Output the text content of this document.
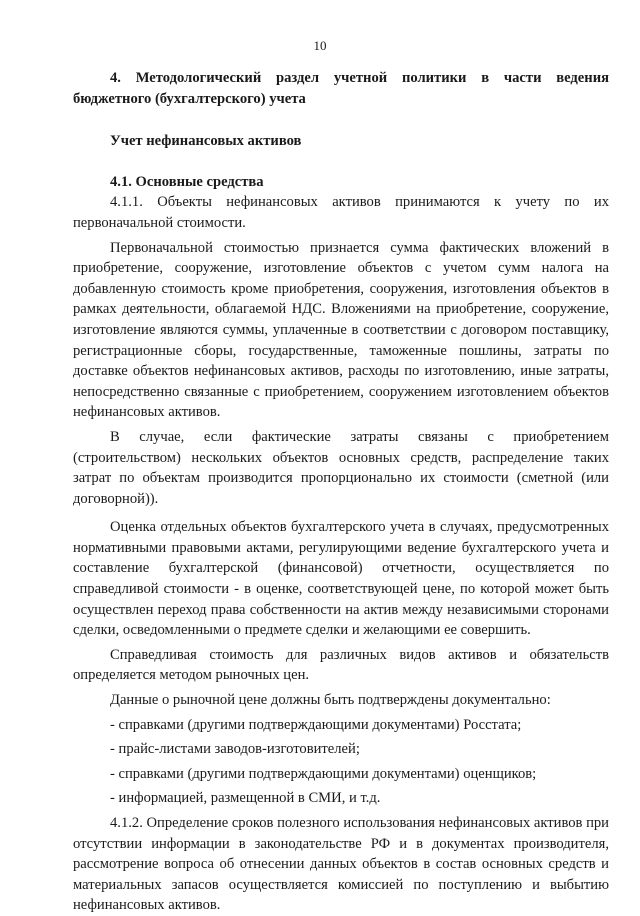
10

4. Методологический раздел учетной политики в части ведения бюджетного (бухгалтерского) учета

Учет нефинансовых активов

4.1. Основные средства

4.1.1. Объекты нефинансовых активов принимаются к учету по их первоначальной стоимости.

Первоначальной стоимостью признается сумма фактических вложений в приобретение, сооружение, изготовление объектов с учетом сумм налога на добавленную стоимость кроме приобретения, сооружения, изготовления объектов в рамках деятельности, облагаемой НДС. Вложениями на приобретение, сооружение, изготовление являются суммы, уплаченные в соответствии с договором поставщику, регистрационные сборы, государственные, таможенные пошлины, затраты по доставке объектов нефинансовых активов, расходы по изготовлению, иные затраты, непосредственно связанные с приобретением, сооружением изготовлением объектов нефинансовых активов.

В случае, если фактические затраты связаны с приобретением (строительством) нескольких объектов основных средств, распределение таких затрат по объектам производится пропорционально их стоимости (сметной (или договорной)).

Оценка отдельных объектов бухгалтерского учета в случаях, предусмотренных нормативными правовыми актами, регулирующими ведение бухгалтерского учета и составление бухгалтерской (финансовой) отчетности, осуществляется по справедливой стоимости - в оценке, соответствующей цене, по которой может быть осуществлен переход права собственности на актив между независимыми сторонами сделки, осведомленными о предмете сделки и желающими ее совершить.

Справедливая стоимость для различных видов активов и обязательств определяется методом рыночных цен.

Данные о рыночной цене должны быть подтверждены документально:

- справками (другими подтверждающими документами) Росстата;

- прайс-листами заводов-изготовителей;

- справками (другими подтверждающими документами) оценщиков;

- информацией, размещенной в СМИ, и т.д.

4.1.2. Определение сроков полезного использования нефинансовых активов при отсутствии информации в законодательстве РФ и в документах производителя, рассмотрение вопроса об отнесении данных объектов в состав основных средств и материальных запасов осуществляется комиссией по поступлению и выбытию нефинансовых активов.
